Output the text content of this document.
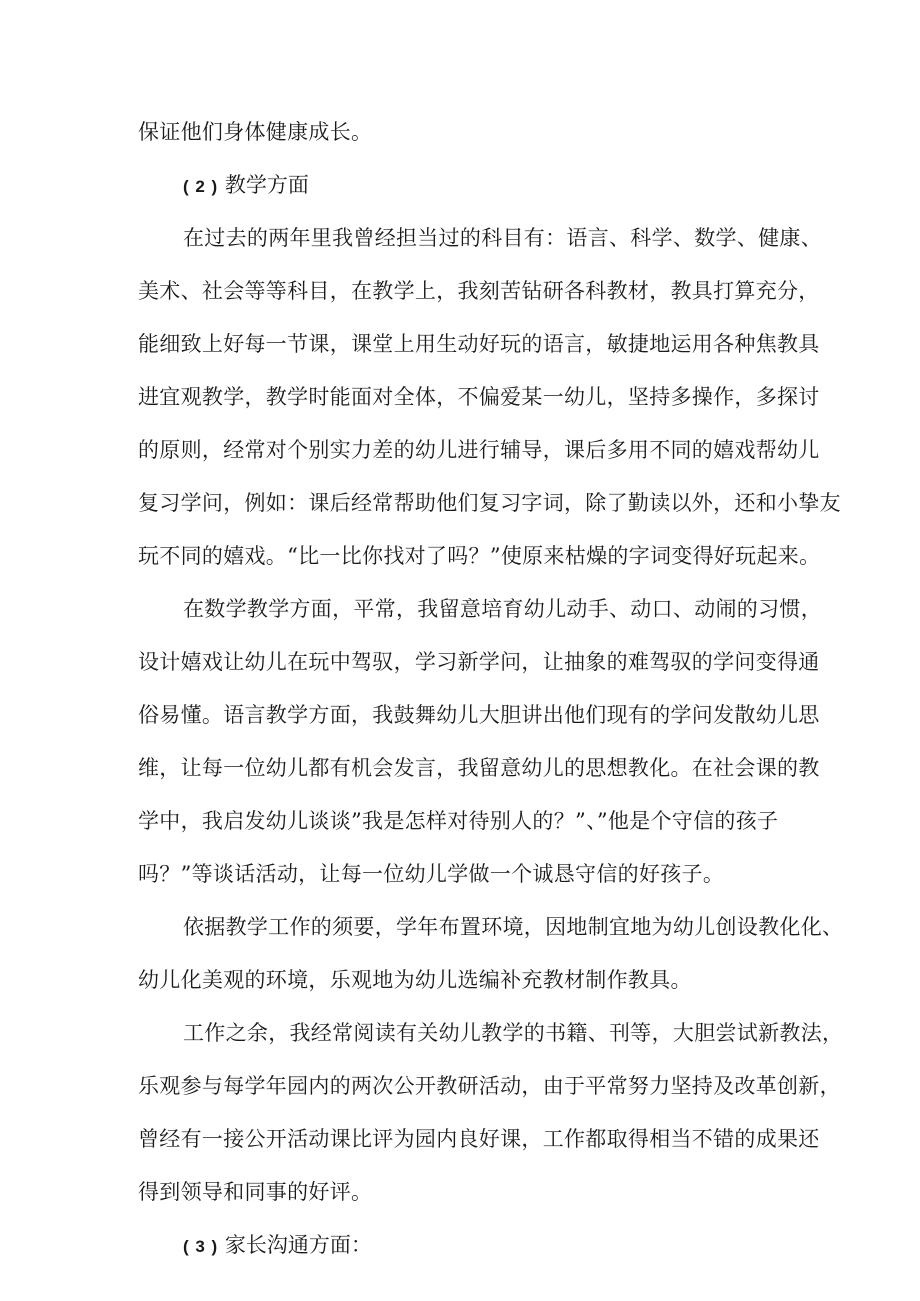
保证他们身体健康成长。
( 2 ) 教学方面
在过去的两年里我曾经担当过的科目有：语言、科学、数学、健康、
美术、社会等等科目，在教学上，我刻苦钻研各科教材，教具打算充分，
能细致上好每一节课，课堂上用生动好玩的语言，敏捷地运用各种焦教具
进宜观教学，教学时能面对全体，不偏爱某一幼儿，坚持多操作，多探讨
的原则，经常对个别实力差的幼儿进行辅导，课后多用不同的嬉戏帮幼儿
复习学问，例如：课后经常帮助他们复习字词，除了勤读以外，还和小挚友
玩不同的嬉戏。“比一比你找对了吗？”使原来枯燥的字词变得好玩起来。
在数学教学方面，平常，我留意培育幼儿动手、动口、动闹的习惯，
设计嬉戏让幼儿在玩中驾驭，学习新学问，让抽象的难驾驭的学问变得通
俗易懂。语言教学方面，我鼓舞幼儿大胆讲出他们现有的学问发散幼儿思
维，让每一位幼儿都有机会发言，我留意幼儿的思想教化。在社会课的教
学中，我启发幼儿谈谈”我是怎样对待别人的？”、”他是个守信的孩子
吗？”等谈话活动，让每一位幼儿学做一个诚恳守信的好孩子。
依据教学工作的须要，学年布置环境，因地制宜地为幼儿创设教化化、
幼儿化美观的环境，乐观地为幼儿选编补充教材制作教具。
工作之余，我经常阅读有关幼儿教学的书籍、刊等，大胆尝试新教法，
乐观参与每学年园内的两次公开教研活动，由于平常努力坚持及改革创新，
曾经有一接公开活动课比评为园内良好课，工作都取得相当不错的成果还
得到领导和同事的好评。
( 3 ) 家长沟通方面：
